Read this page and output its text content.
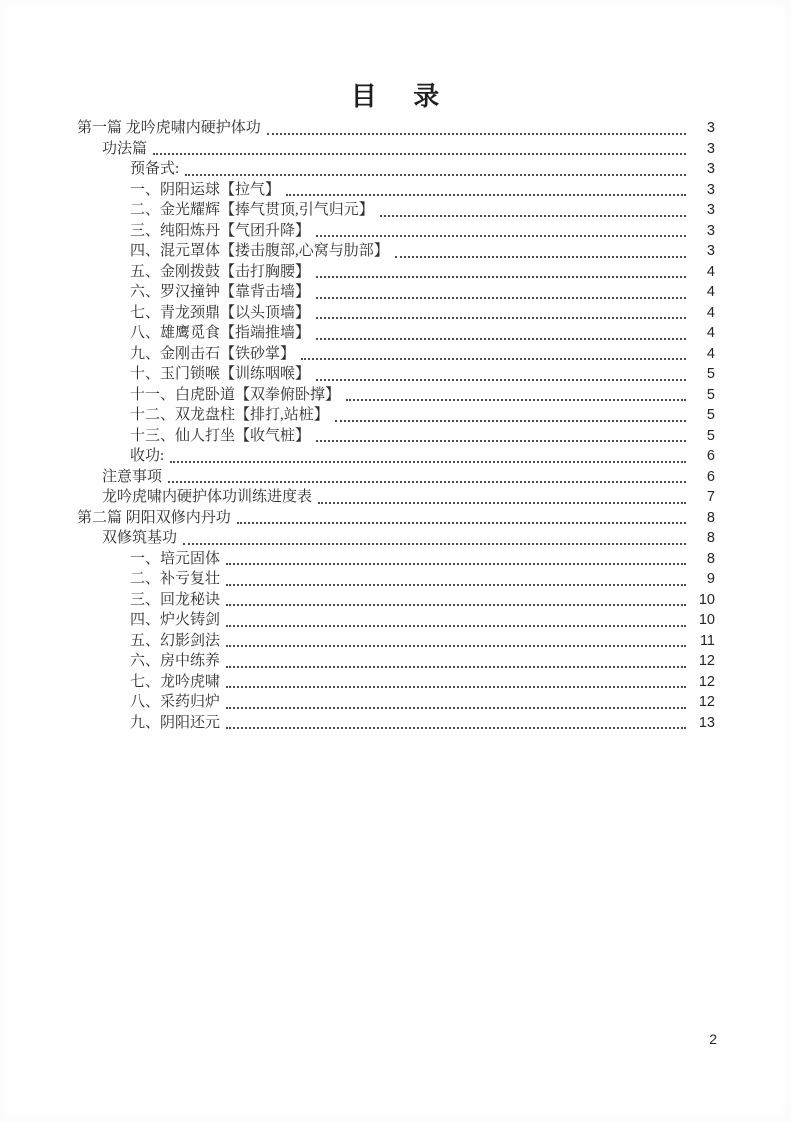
目 录
第一篇 龙吟虎啸内硬护体功	3
功法篇	3
预备式:	3
一、阴阳运球【拉气】	3
二、金光耀辉【捧气贯顶,引气归元】	3
三、纯阳炼丹【气团升降】	3
四、混元罩体【搂击腹部,心窝与肋部】	3
五、金刚拨鼓【击打胸腰】	4
六、罗汉撞钟【靠背击墙】	4
七、青龙颈鼎【以头顶墙】	4
八、雄鹰觅食【指端推墙】	4
九、金刚击石【铁砂掌】	4
十、玉门锁喉【训练咽喉】	5
十一、白虎卧道【双拳俯卧撑】	5
十二、双龙盘柱【排打,站桩】	5
十三、仙人打坐【收气桩】	5
收功:	6
注意事项	6
龙吟虎啸内硬护体功训练进度表	7
第二篇 阴阳双修内丹功	8
双修筑基功	8
一、培元固体	8
二、补亏复壮	9
三、回龙秘诀	10
四、炉火铸剑	10
五、幻影剑法	11
六、房中练养	12
七、龙吟虎啸	12
八、采药归炉	12
九、阴阳还元	13
2
